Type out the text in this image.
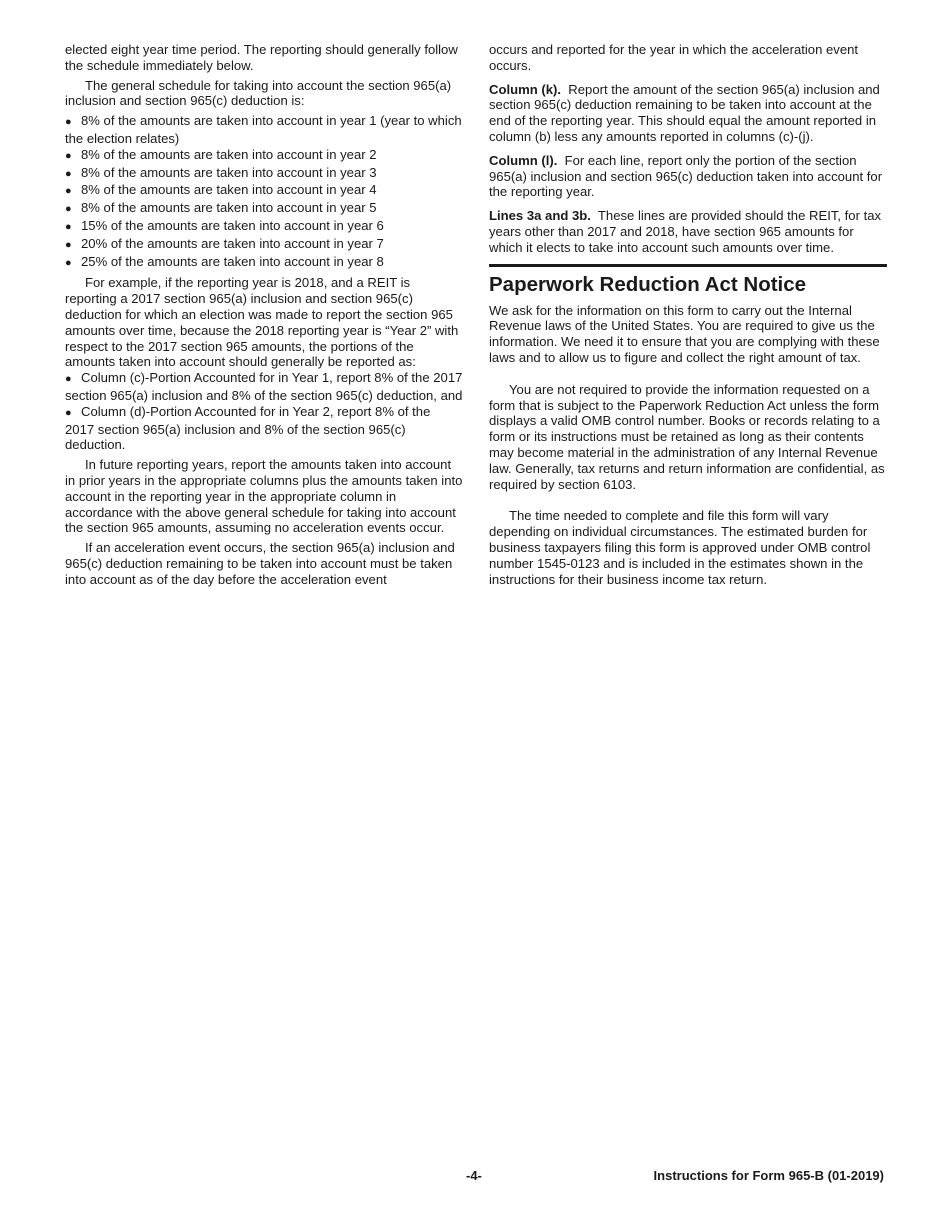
elected eight year time period. The reporting should generally follow the schedule immediately below.

The general schedule for taking into account the section 965(a) inclusion and section 965(c) deduction is:

● 8% of the amounts are taken into account in year 1 (year to which the election relates)
● 8% of the amounts are taken into account in year 2
● 8% of the amounts are taken into account in year 3
● 8% of the amounts are taken into account in year 4
● 8% of the amounts are taken into account in year 5
● 15% of the amounts are taken into account in year 6
● 20% of the amounts are taken into account in year 7
● 25% of the amounts are taken into account in year 8

For example, if the reporting year is 2018, and a REIT is reporting a 2017 section 965(a) inclusion and section 965(c) deduction for which an election was made to report the section 965 amounts over time, because the 2018 reporting year is “Year 2” with respect to the 2017 section 965 amounts, the portions of the amounts taken into account should generally be reported as:

● Column (c)-Portion Accounted for in Year 1, report 8% of the 2017 section 965(a) inclusion and 8% of the section 965(c) deduction, and
● Column (d)-Portion Accounted for in Year 2, report 8% of the 2017 section 965(a) inclusion and 8% of the section 965(c) deduction.

In future reporting years, report the amounts taken into account in prior years in the appropriate columns plus the amounts taken into account in the reporting year in the appropriate column in accordance with the above general schedule for taking into account the section 965 amounts, assuming no acceleration events occur.

If an acceleration event occurs, the section 965(a) inclusion and 965(c) deduction remaining to be taken into account must be taken into account as of the day before the acceleration event

occurs and reported for the year in which the acceleration event occurs.

Column (k). Report the amount of the section 965(a) inclusion and section 965(c) deduction remaining to be taken into account at the end of the reporting year. This should equal the amount reported in column (b) less any amounts reported in columns (c)-(j).

Column (l). For each line, report only the portion of the section 965(a) inclusion and section 965(c) deduction taken into account for the reporting year.

Lines 3a and 3b. These lines are provided should the REIT, for tax years other than 2017 and 2018, have section 965 amounts for which it elects to take into account such amounts over time.

Paperwork Reduction Act Notice

We ask for the information on this form to carry out the Internal Revenue laws of the United States. You are required to give us the information. We need it to ensure that you are complying with these laws and to allow us to figure and collect the right amount of tax.

You are not required to provide the information requested on a form that is subject to the Paperwork Reduction Act unless the form displays a valid OMB control number. Books or records relating to a form or its instructions must be retained as long as their contents may become material in the administration of any Internal Revenue law. Generally, tax returns and return information are confidential, as required by section 6103.

The time needed to complete and file this form will vary depending on individual circumstances. The estimated burden for business taxpayers filing this form is approved under OMB control number 1545-0123 and is included in the estimates shown in the instructions for their business income tax return.

-4-	Instructions for Form 965-B (01-2019)
